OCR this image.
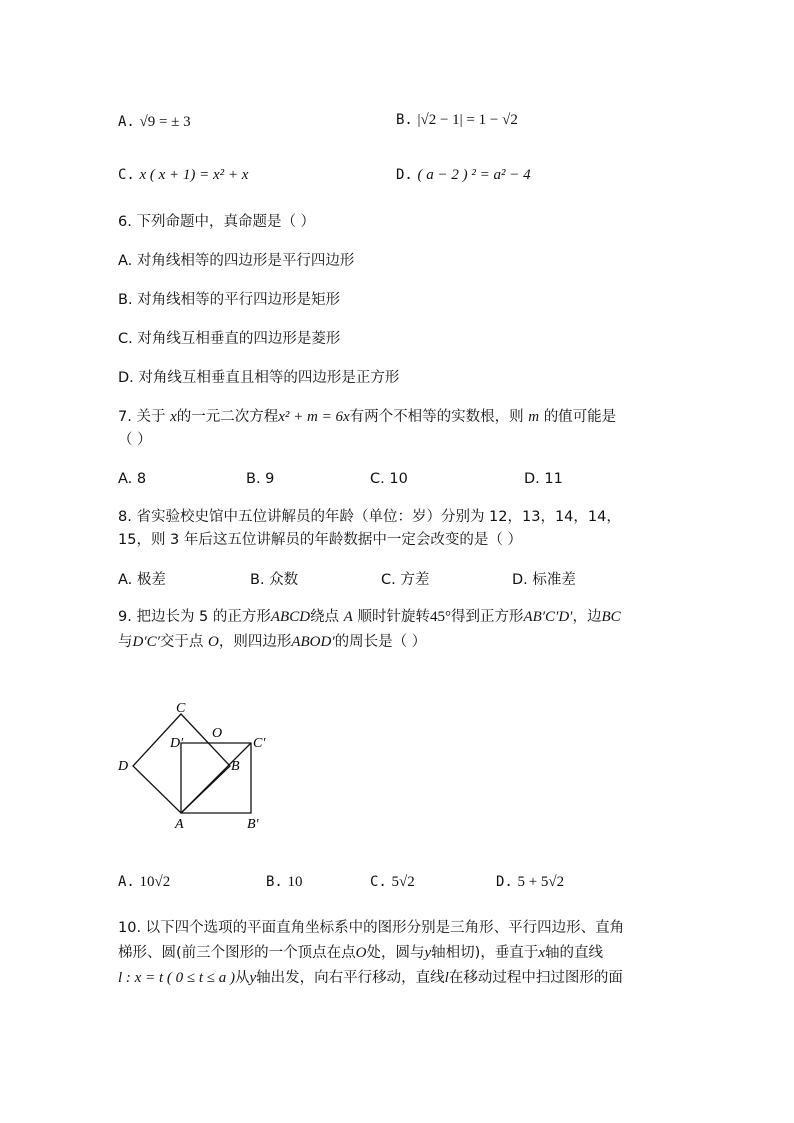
A. √9 = ± 3	B. |√2 − 1| = 1 − √2
C. x ( x + 1) = x² + x	D. ( a − 2 ) ² = a² − 4
6. 下列命题中，真命题是（ ）
A. 对角线相等的四边形是平行四边形
B. 对角线相等的平行四边形是矩形
C. 对角线互相垂直的四边形是菱形
D. 对角线互相垂直且相等的四边形是正方形
7. 关于 x的一元二次方程x² + m = 6x有两个不相等的实数根，则 m 的值可能是
（ ）
A. 8	B. 9	C. 10	D. 11
8. 省实验校史馆中五位讲解员的年龄（单位：岁）分别为 12，13，14，14，
15，则 3 年后这五位讲解员的年龄数据中一定会改变的是（ ）
A. 极差	B. 众数	C. 方差	D. 标准差
9. 把边长为 5 的正方形ABCD绕点 A 顺时针旋转45°得到正方形AB′C′D′，边BC
与D′C′交于点 O，则四边形ABOD′的周长是（ ）
C
O
D′	C′
D	B
A	B′
A. 10√2	B. 10	C. 5√2	D. 5 + 5√2
10. 以下四个选项的平面直角坐标系中的图形分别是三角形、平行四边形、直角
梯形、圆(前三个图形的一个顶点在点O处，圆与y轴相切)，垂直于x轴的直线
l : x = t ( 0 ≤ t ≤ a )从y轴出发，向右平行移动，直线l在移动过程中扫过图形的面
